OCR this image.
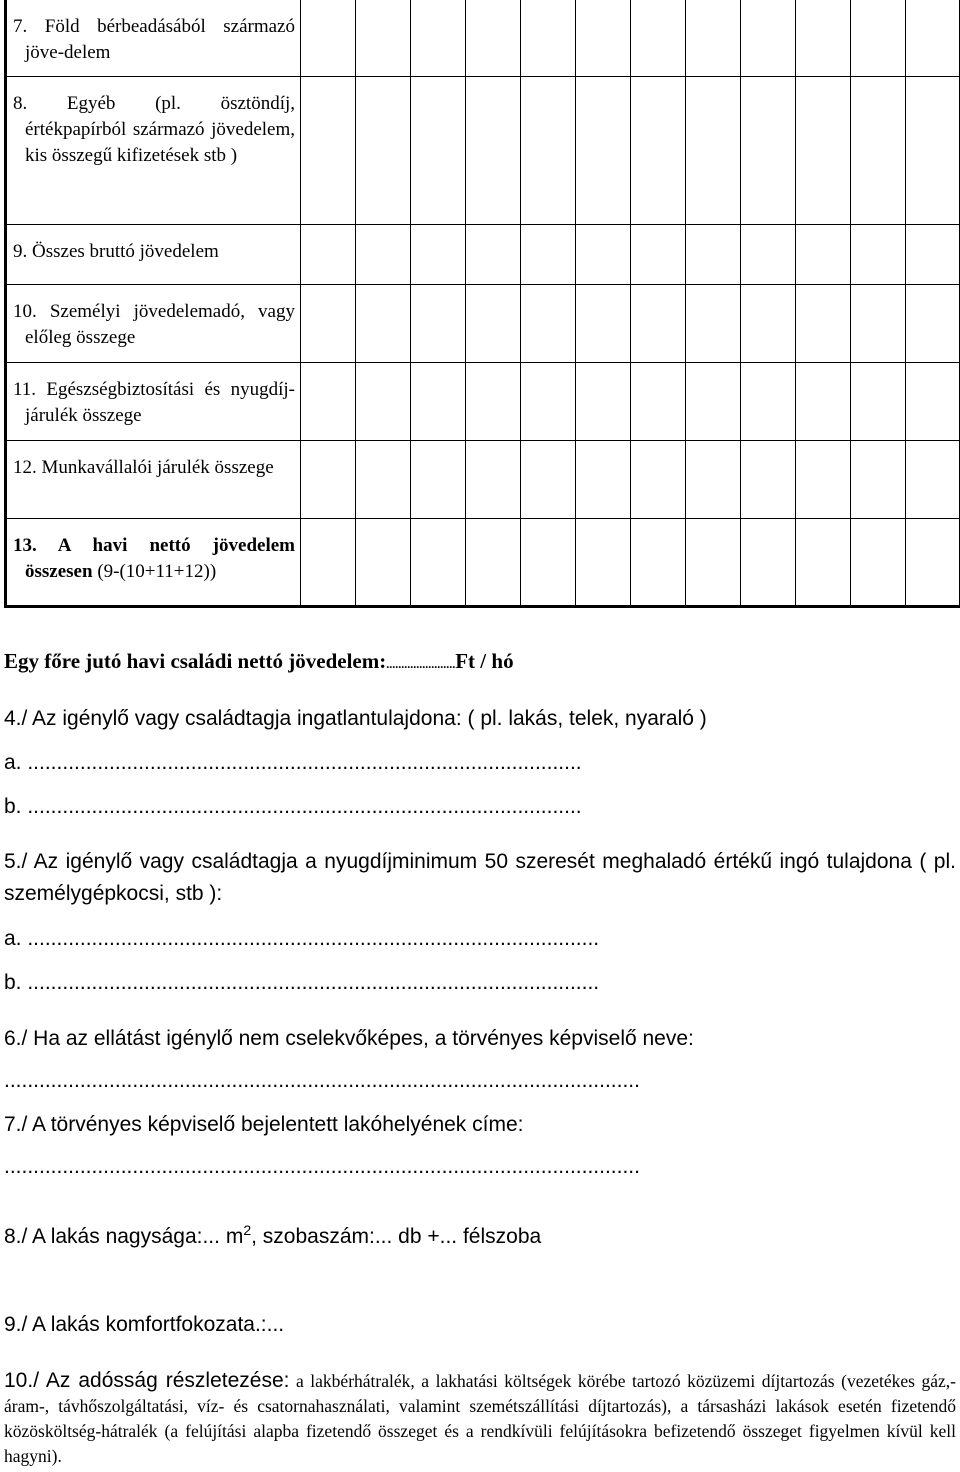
7. Föld bérbeadásából származó jöve-delem												

8. Egyéb (pl. ösztöndíj, értékpapírból származó jövedelem, kis összegű kifizetések stb )												

9. Összes bruttó jövedelem												

10. Személyi jövedelemadó, vagy előleg összege												

11. Egészségbiztosítási és nyugdíj-járulék összege												

12. Munkavállalói járulék összege												

13. A havi nettó jövedelem összesen (9-(10+11+12))												

Egy főre jutó havi családi nettó jövedelem:.......................Ft / hó
4./ Az igénylő vagy családtagja ingatlantulajdona: ( pl. lakás, telek, nyaraló )
a. ...............................................................................................
b. ...............................................................................................
5./ Az igénylő vagy családtagja a nyugdíjminimum 50 szeresét meghaladó értékű ingó tulajdona ( pl. személygépkocsi, stb ):
a. ..................................................................................................
b. ..................................................................................................
6./ Ha az ellátást igénylő nem cselekvőképes, a törvényes képviselő neve:
.............................................................................................................
7./ A törvényes képviselő bejelentett lakóhelyének címe:
.............................................................................................................
8./ A lakás nagysága:... $m^2$, szobaszám:... db +... félszoba
9./ A lakás komfortfokozata.:...
10./ Az adósság részletezése: a lakbérhátralék, a lakhatási költségek körébe tartozó közüzemi díjtartozás (vezetékes gáz,- áram-, távhőszolgáltatási, víz- és csatornahasználati, valamint szemétszállítási díjtartozás), a társasházi lakások esetén fizetendő közösköltség-hátralék (a felújítási alapba fizetendő összeget és a rendkívüli felújításokra befizetendő összeget figyelmen kívül kell hagyni).
